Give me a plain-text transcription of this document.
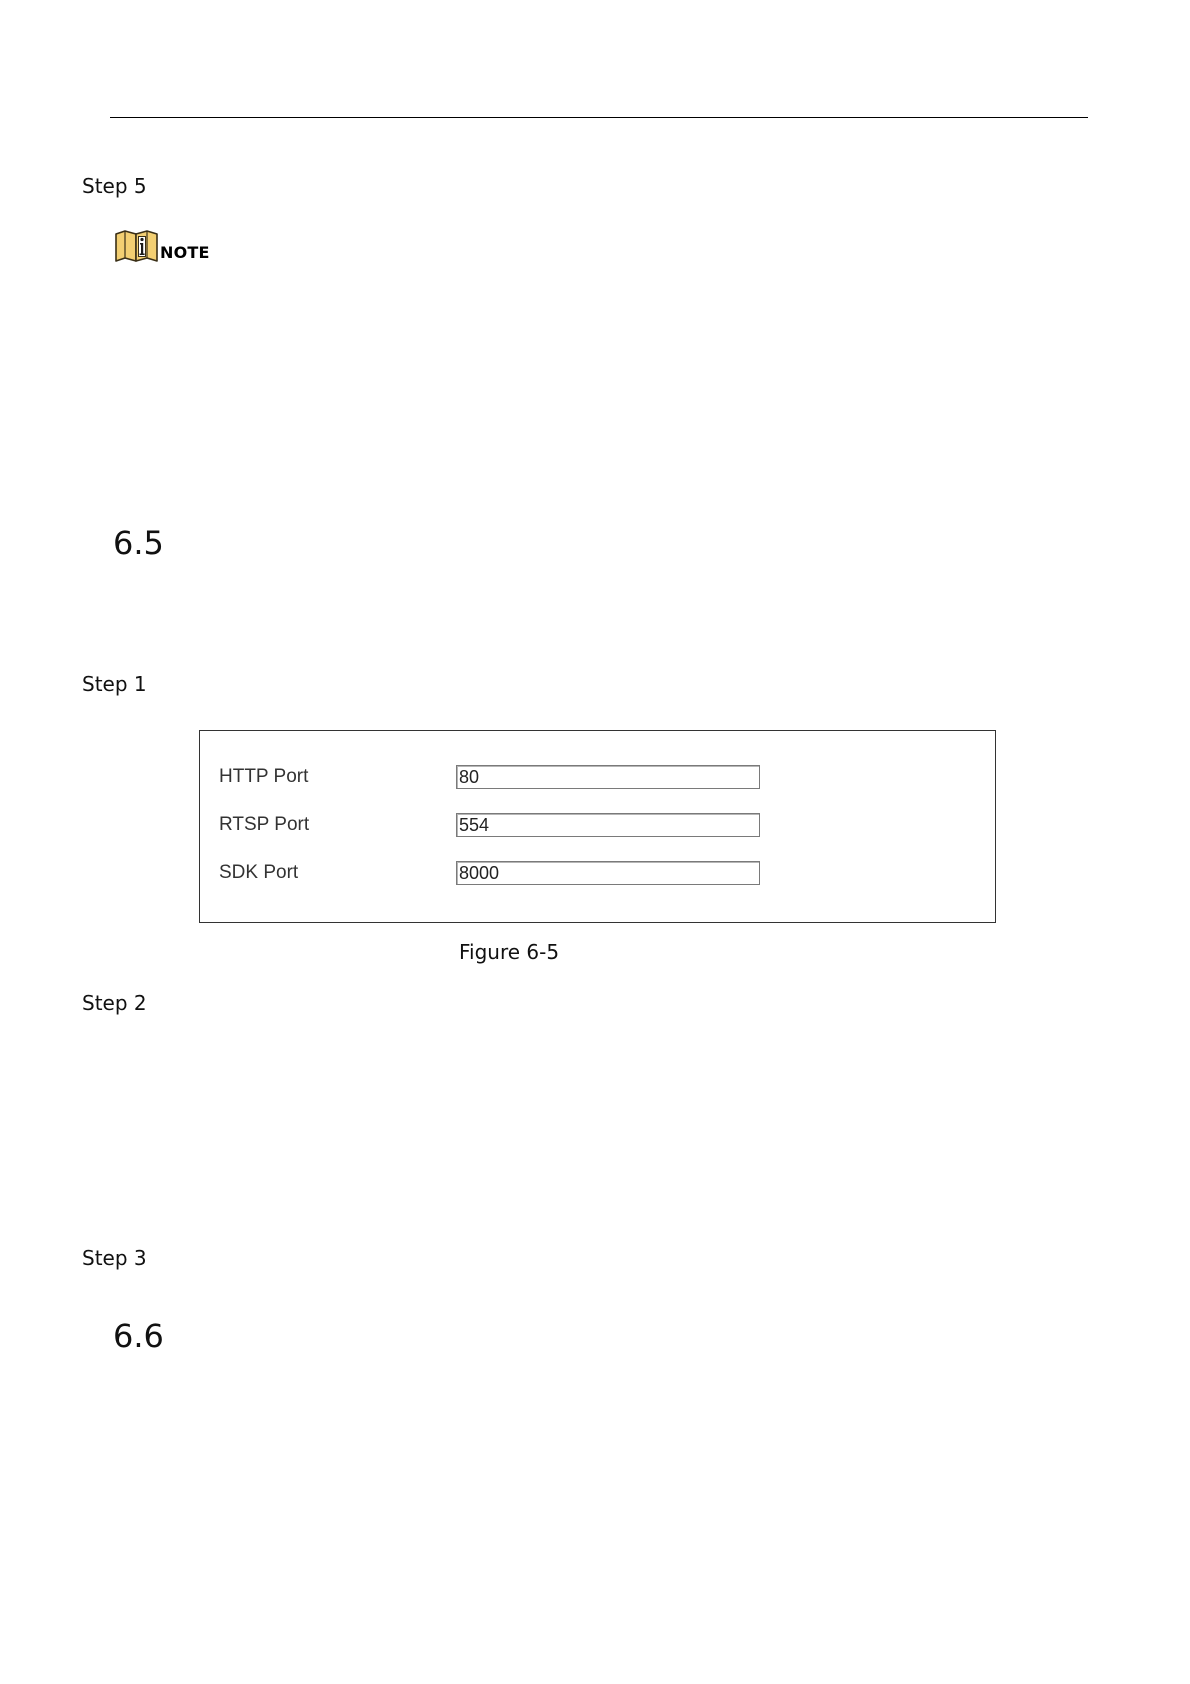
Step 5
NOTE
6.5
Step 1
HTTP Port	80
RTSP Port	554
SDK Port	8000
Figure 6-5
Step 2
Step 3
6.6
